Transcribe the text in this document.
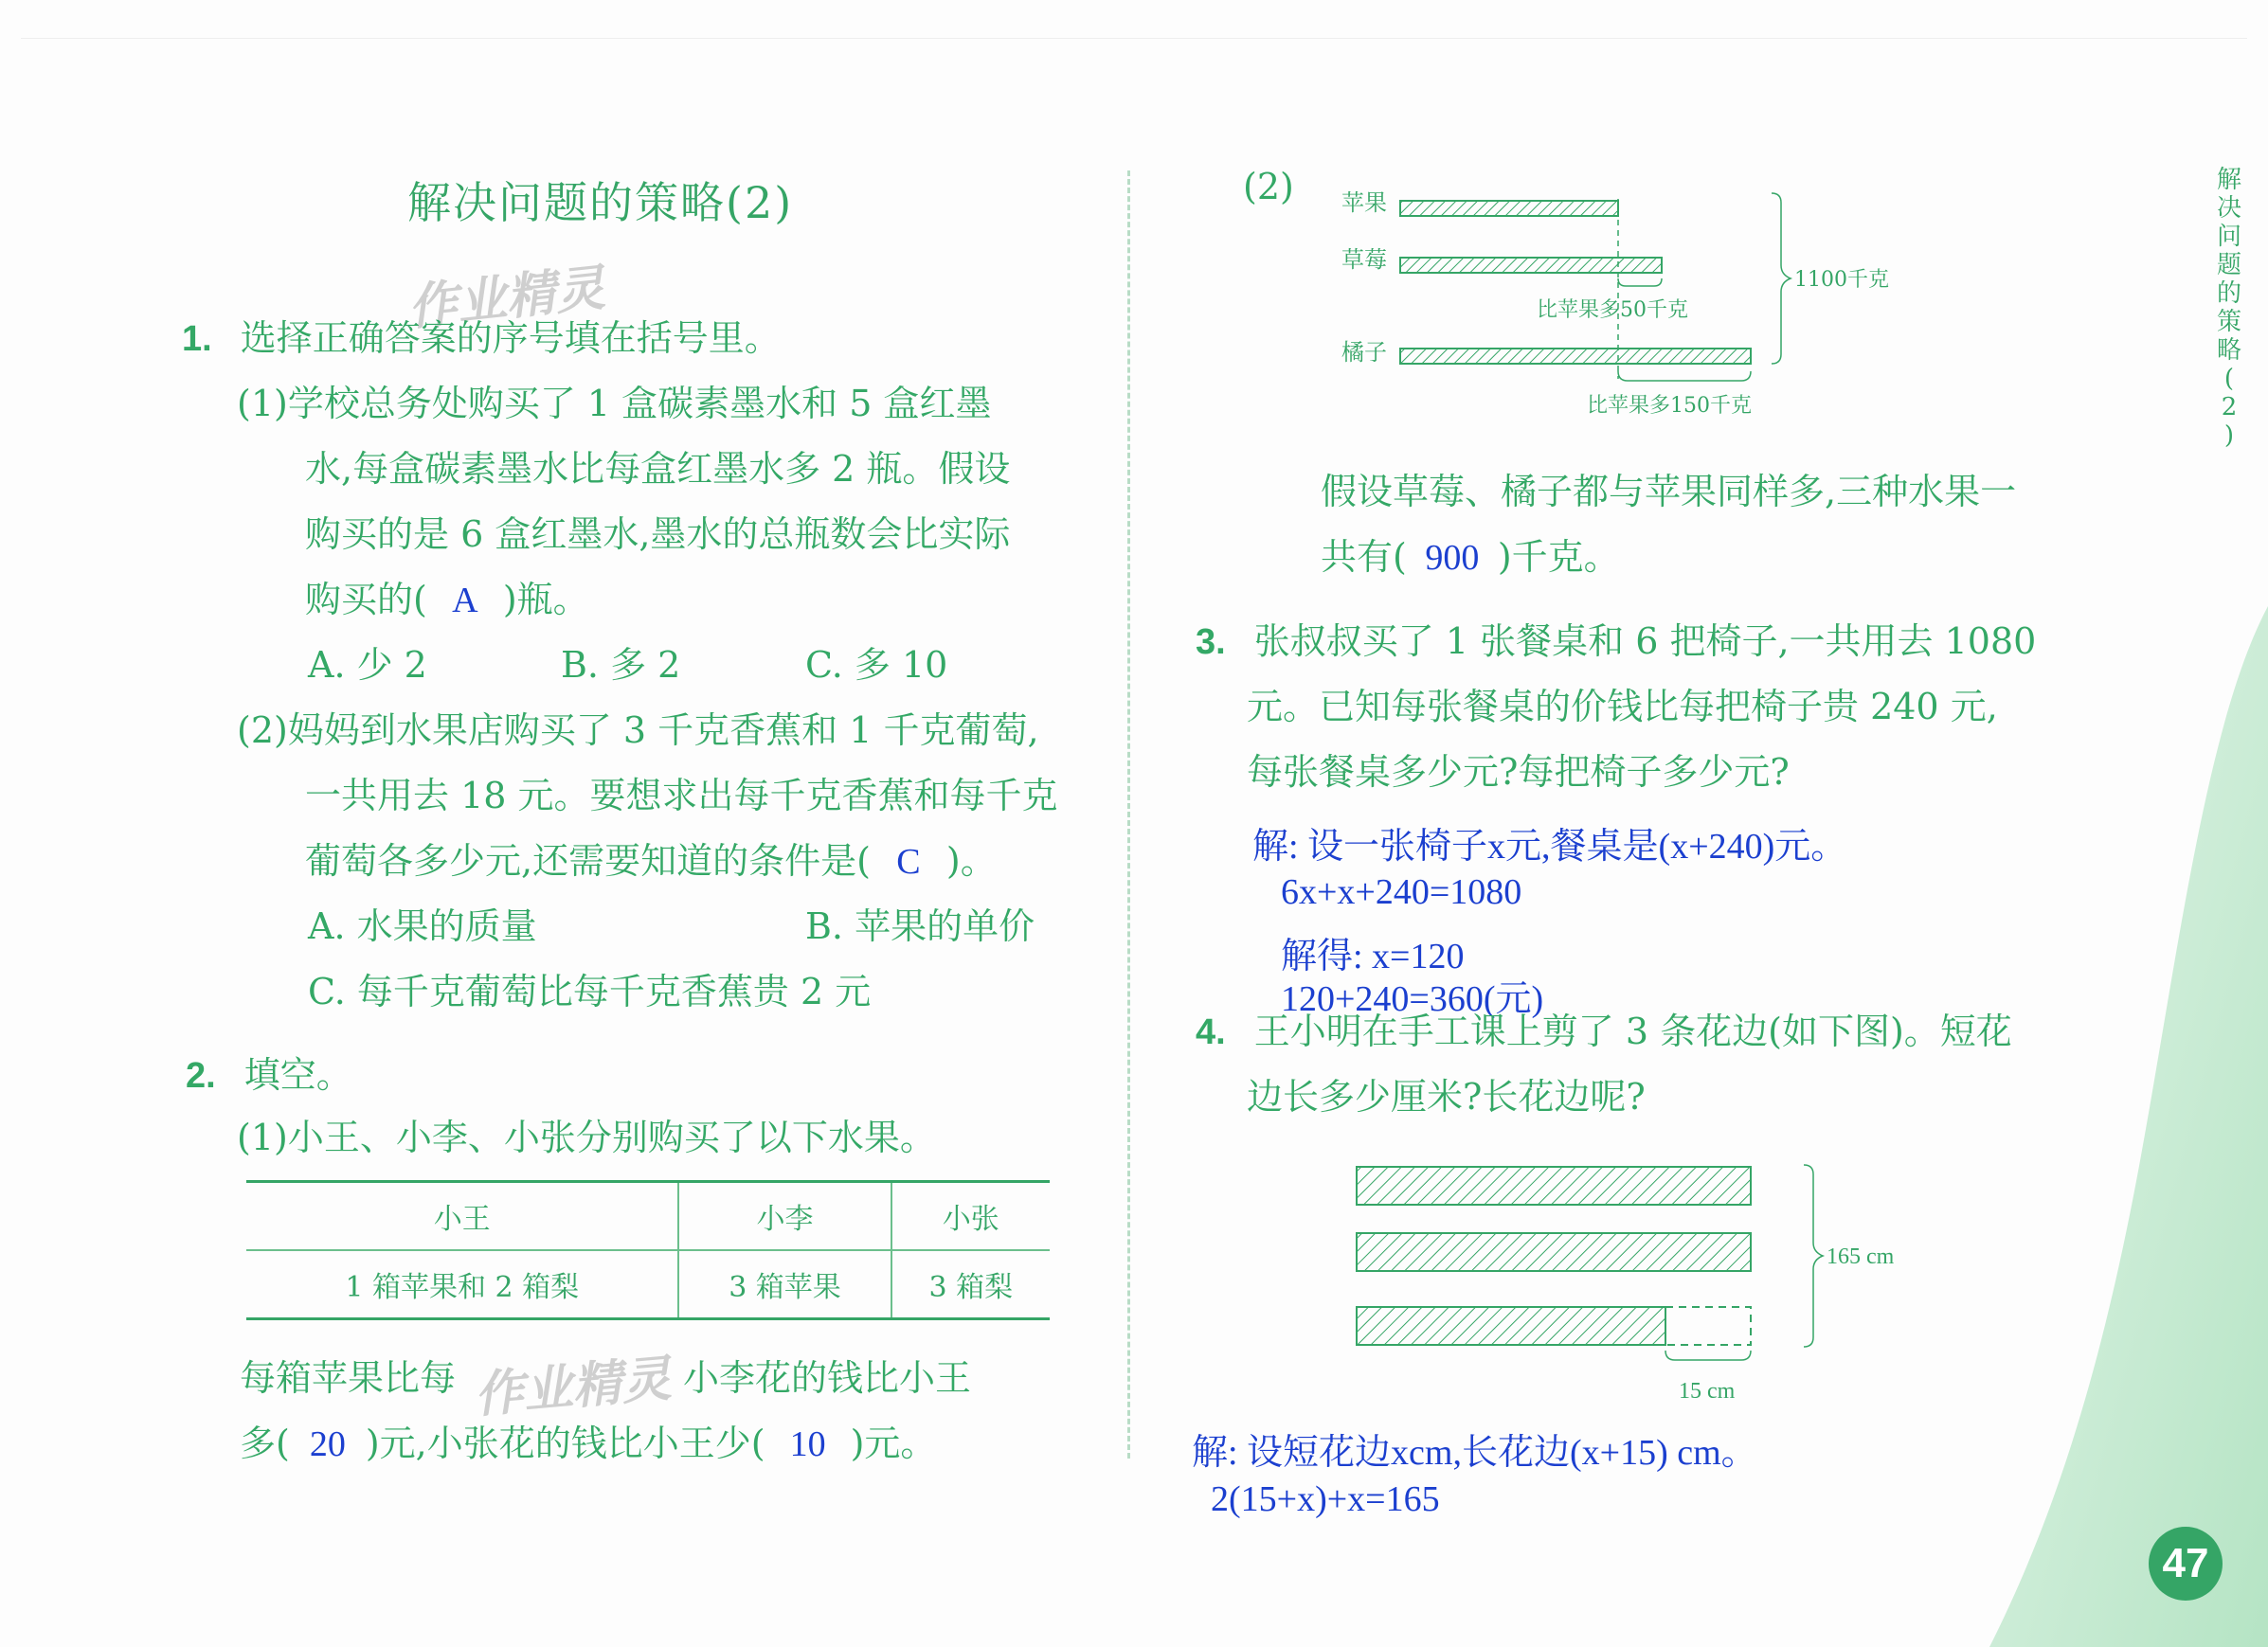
解决问题的策略(2)
作业精灵
1. 选择正确答案的序号填在括号里。
(1)学校总务处购买了 1 盒碳素墨水和 5 盒红墨
水,每盒碳素墨水比每盒红墨水多 2 瓶。假设
购买的是 6 盒红墨水,墨水的总瓶数会比实际
购买的( A )瓶。
A. 少 2	B. 多 2	C. 多 10
(2)妈妈到水果店购买了 3 千克香蕉和 1 千克葡萄,
一共用去 18 元。要想求出每千克香蕉和每千克
葡萄各多少元,还需要知道的条件是( C )。
A. 水果的质量	B. 苹果的单价
C. 每千克葡萄比每千克香蕉贵 2 元
2. 填空。
(1)小王、小李、小张分别购买了以下水果。
小王	小李	小张
1 箱苹果和 2 箱梨	3 箱苹果	3 箱梨
每箱苹果比每	小李花的钱比小王
作业精灵
多( 20 )元,小张花的钱比小王少( 10 )元。
(2) 苹果
草莓
比苹果多50千克
橘子
比苹果多150千克
1100千克
假设草莓、橘子都与苹果同样多,三种水果一
共有( 900 )千克。
3. 张叔叔买了 1 张餐桌和 6 把椅子,一共用去 1080
元。已知每张餐桌的价钱比每把椅子贵 240 元,
每张餐桌多少元?每把椅子多少元?
解: 设一张椅子x元,餐桌是(x+240)元。
6x+x+240=1080
解得: x=120
120+240=360(元)
4. 王小明在手工课上剪了 3 条花边(如下图)。短花
边长多少厘米?长花边呢?
15 cm
165 cm
解: 设短花边xcm,长花边(x+15) cm。
2(15+x)+x=165
解
决
问
题
的
策
略
(
2
)
47
